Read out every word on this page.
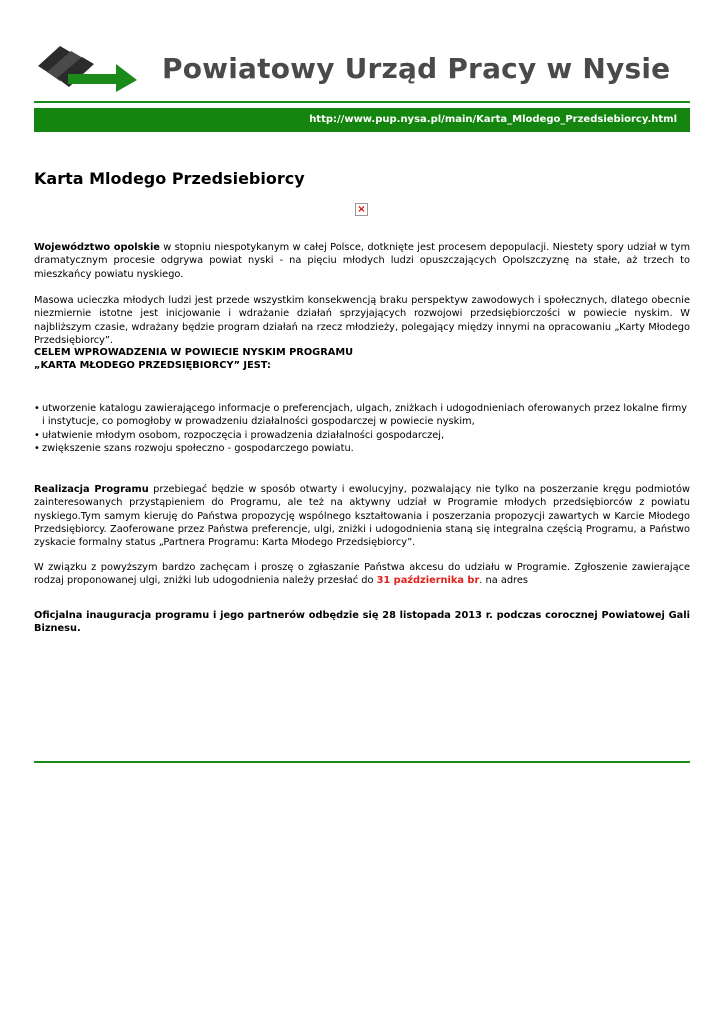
Powiatowy Urząd Pracy w Nysie
http://www.pup.nysa.pl/main/Karta_Mlodego_Przedsiebiorcy.html
Karta Mlodego Przedsiebiorcy
×

Województwo opolskie w stopniu niespotykanym w całej Polsce, dotknięte jest procesem depopulacji. Niestety spory udział w tym dramatycznym procesie odgrywa powiat nyski - na pięciu młodych ludzi opuszczających Opolszczyznę na stałe, aż trzech to mieszkańcy powiatu nyskiego.

Masowa ucieczka młodych ludzi jest przede wszystkim konsekwencją braku perspektyw zawodowych i społecznych, dlatego obecnie niezmiernie istotne jest inicjowanie i wdrażanie działań sprzyjających rozwojowi przedsiębiorczości w powiecie nyskim. W najbliższym czasie, wdrażany będzie program działań na rzecz młodzieży, polegający między innymi na opracowaniu „Karty Młodego Przedsiębiorcy”.

CELEM WPROWADZENIA W POWIECIE NYSKIM PROGRAMU
„KARTA MŁODEGO PRZEDSIĘBIORCY” JEST:
• utworzenie katalogu zawierającego informacje o preferencjach, ulgach, zniżkach i udogodnieniach oferowanych przez lokalne firmy i instytucje, co pomogłoby w prowadzeniu działalności gospodarczej w powiecie nyskim,
• ułatwienie młodym osobom, rozpoczęcia i prowadzenia działalności gospodarczej,
• zwiększenie szans rozwoju społeczno - gospodarczego powiatu.

Realizacja Programu przebiegać będzie w sposób otwarty i ewolucyjny, pozwalający nie tylko na poszerzanie kręgu podmiotów zainteresowanych przystąpieniem do Programu, ale też na aktywny udział w Programie młodych przedsiębiorców z powiatu nyskiego.Tym samym kieruję do Państwa propozycję wspólnego kształtowania i poszerzania propozycji zawartych w Karcie Młodego Przedsiębiorcy. Zaoferowane przez Państwa preferencje, ulgi, zniżki i udogodnienia staną się integralna częścią Programu, a Państwo zyskacie formalny status „Partnera Programu: Karta Młodego Przedsiębiorcy”.

W związku z powyższym bardzo zachęcam i proszę o zgłaszanie Państwa akcesu do udziału w Programie. Zgłoszenie zawierające rodzaj proponowanej ulgi, zniżki lub udogodnienia należy przesłać do 31 października br. na adres

Oficjalna inauguracja programu i jego partnerów odbędzie się 28 listopada 2013 r. podczas corocznej Powiatowej Gali Biznesu.
